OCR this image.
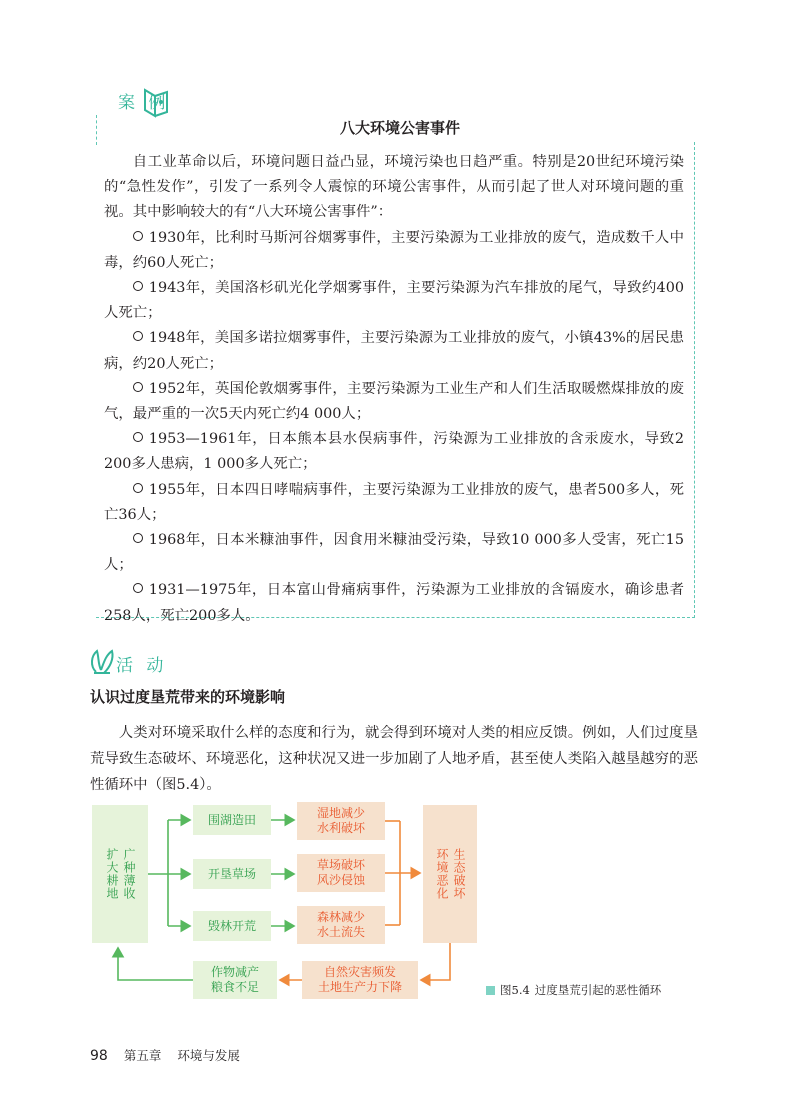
案 例
八大环境公害事件

自工业革命以后，环境问题日益凸显，环境污染也日趋严重。特别是20世纪环境污染的“急性发作”，引发了一系列令人震惊的环境公害事件，从而引起了世人对环境问题的重视。其中影响较大的有“八大环境公害事件”：

1930年，比利时马斯河谷烟雾事件，主要污染源为工业排放的废气，造成数千人中毒，约60人死亡；

1943年，美国洛杉矶光化学烟雾事件，主要污染源为汽车排放的尾气，导致约400人死亡；

1948年，美国多诺拉烟雾事件，主要污染源为工业排放的废气，小镇43%的居民患病，约20人死亡；

1952年，英国伦敦烟雾事件，主要污染源为工业生产和人们生活取暖燃煤排放的废气，最严重的一次5天内死亡约4 000人；

1953—1961年，日本熊本县水俣病事件，污染源为工业排放的含汞废水，导致2 200多人患病，1 000多人死亡；

1955年，日本四日哮喘病事件，主要污染源为工业排放的废气，患者500多人，死亡36人；

1968年，日本米糠油事件，因食用米糠油受污染，导致10 000多人受害，死亡15人；

1931—1975年，日本富山骨痛病事件，污染源为工业排放的含镉废水，确诊患者258人，死亡200多人。

活 动
认识过度垦荒带来的环境影响

人类对环境采取什么样的态度和行为，就会得到环境对人类的相应反馈。例如，人们过度垦荒导致生态破坏、环境恶化，这种状况又进一步加剧了人地矛盾，甚至使人类陷入越垦越穷的恶性循环中（图5.4）。

扩大耕地 广种薄收
围湖造田
开垦草场
毁林开荒
湿地减少
水利破坏
草场破坏
风沙侵蚀
森林减少
水土流失
环境恶化 生态破坏
自然灾害频发
土地生产力下降
作物减产
粮食不足	图5.4 过度垦荒引起的恶性循环
98 第五章 环境与发展
